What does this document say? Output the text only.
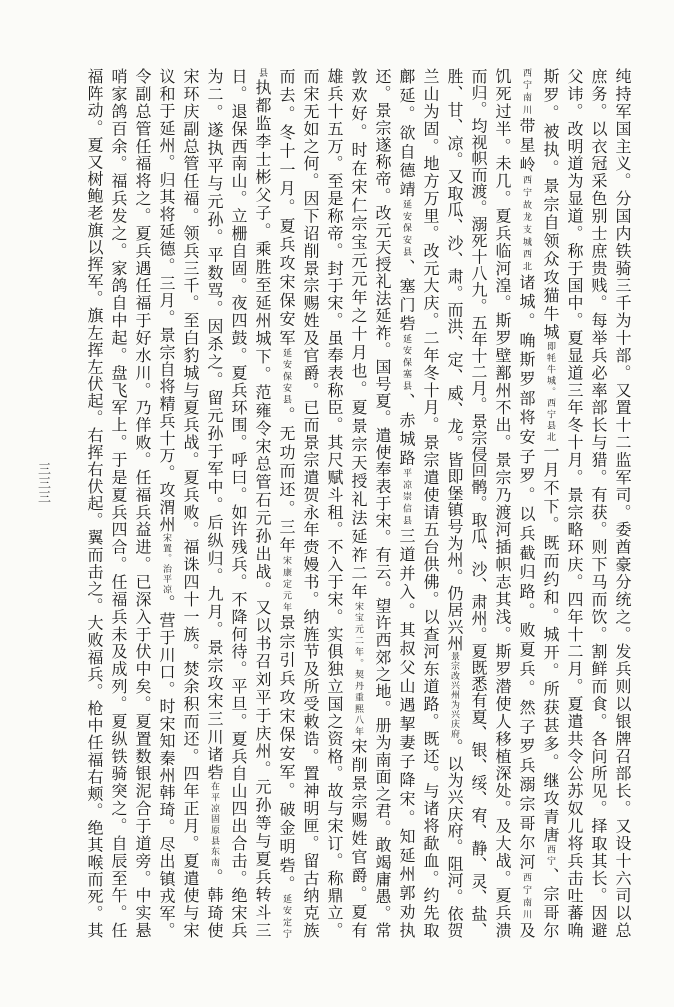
纯持军国主义。分国内铁骑三千为十部。又置十二监军司。委酋豪分统之。发兵则以银牌召部长。又设十六司以总
庶务。以衣冠采色别士庶贵贱。每举兵必率部长与猎。有获。则下马而饮。割鲜而食。各问所见。择取其长。因避
父讳。改明道为显道。称于国中。夏显道三年冬十月。景宗略环庆。四年十二月。夏遣共令公苏奴儿将兵击吐蕃唃
斯罗。被执。景宗自领众攻猫牛城即牦牛城。西宁县北一月不下。既而约和。城开。所获甚多。继攻青唐西宁、宗哥尔
西宁南川带星岭西宁故龙支城西北诸城。唃斯罗部将安子罗。以兵截归路。败夏兵。然子罗兵溺宗哥尔河西宁南川及
饥死过半。未几。夏兵临河湟。斯罗壁鄯州不出。景宗乃渡河插帜志其浅。斯罗潜使人移植深处。及大战。夏兵溃
而归。均视帜而渡。溺死十八九。五年十二月。景宗侵回鹘。取瓜、沙、肃州。夏既悉有夏、银、绥、宥、静、灵、盐、
胜、甘、凉。又取瓜、沙、肃。而洪、定、威、龙。皆即堡镇号为州。仍居兴州景宗改兴州为兴庆府。以为兴庆府。阻河。依贺
兰山为固。地方万里。改元大庆。二年冬十月。景宗遣使请五台供佛。以查河东道路。既还。与诸将歃血。约先取
鄜延。欲自德靖延安保安县、塞门砦延安保塞县、赤城路平凉崇信县三道并入。其叔父山遇挈妻子降宋。知延州郭劝执
还。景宗遂称帝。改元天授礼法延祚。国号夏。遣使奉表于宋。有云。望许西郊之地。册为南面之君。敢竭庸愚。常
敦欢好。时在宋仁宗宝元元年之十月也。夏景宗天授礼法延祚二年宋宝元二年。契丹重熙八年宋削景宗赐姓官爵。夏有
雄兵十五万。至是称帝。封于宋。虽奉表称臣。其尺赋斗租。不入于宋。实俱独立国之资格。故与宋订。称鼎立。
而宋无如之何。因下诏削景宗赐姓及官爵。已而景宗遣贺永年赍嫚书。纳旌节及所受敕诰。置神明匣。留古纳克族
而去。冬十一月。夏兵攻宋保安军延安保安县。无功而还。三年宋康定元年景宗引兵攻宋保安军。破金明砦。延安定宁
县执都监李士彬父子。乘胜至延州城下。范雍令宋总管石元孙出战。又以书召刘平于庆州。元孙等与夏兵转斗三
日。退保西南山。立栅自固。夜四鼓。夏兵环围。呼曰。如许残兵。不降何待。平旦。夏兵自山四出合击。绝宋兵
为二。遂执平与元孙。平数骂。因杀之。留元孙于军中。后纵归。九月。景宗攻宋三川诸砦在平凉固原县东南。韩琦使
宋环庆副总管任福。领兵三千。至白豹城与夏兵战。夏兵败。福诛四十一族。焚余积而还。四年正月。夏遣使与宋
议和于延州。归其将延德。三月。景宗自将精兵十万。攻渭州宋置。治平凉。营于川口。时宋知秦州韩琦。尽出镇戎军。
令副总管任福将之。夏兵遇任福于好水川。乃佯败。任福兵益进。已深入于伏中矣。夏置数银泥合于道旁。中实悬
哨家鸽百余。福兵发之。家鸽自中起。盘飞军上。于是夏兵四合。任福兵未及成列。夏纵铁骑突之。自辰至午。任
福阵动。夏又树鲍老旗以挥军。旗左挥左伏起。右挥右伏起。翼而击之。大败福兵。枪中任福右颊。绝其喉而死。其
三三三
